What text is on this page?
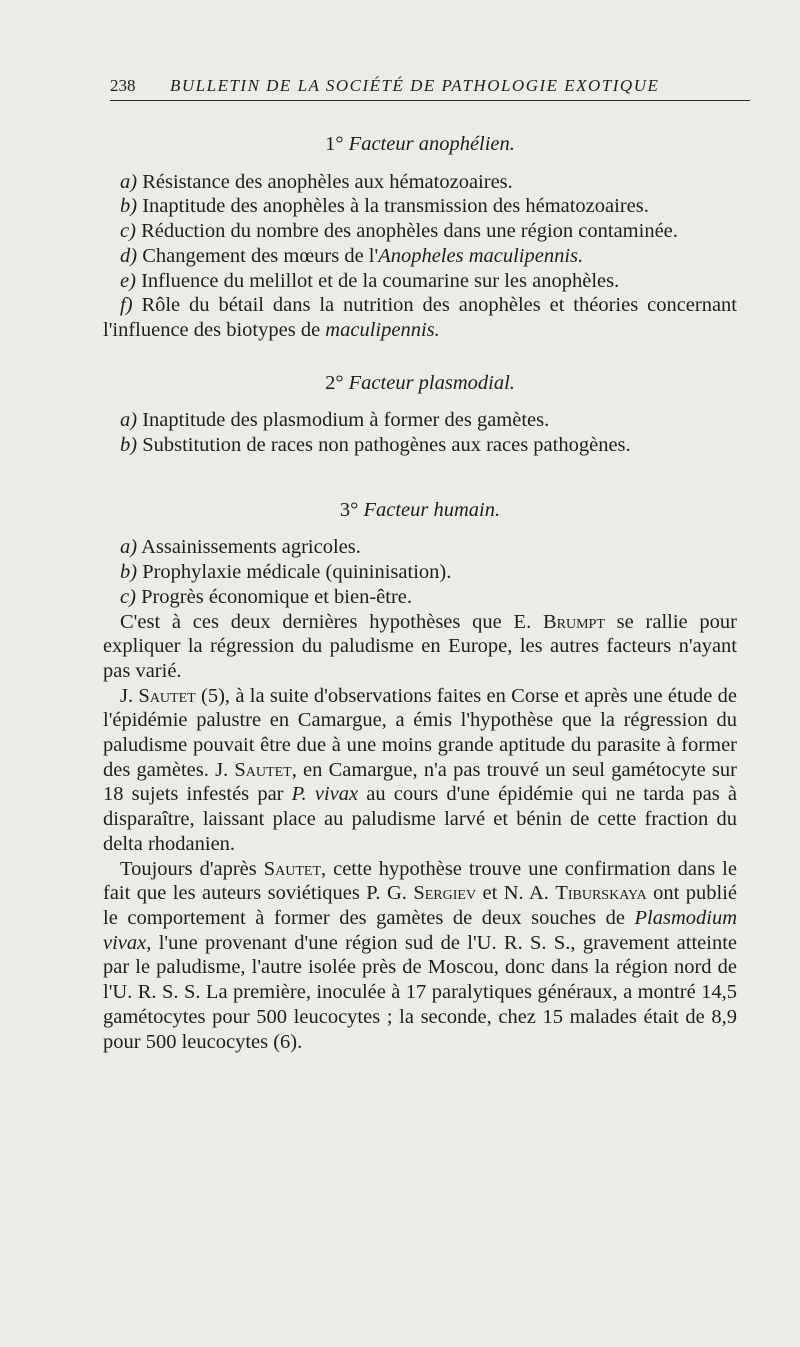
238 BULLETIN DE LA SOCIÉTÉ DE PATHOLOGIE EXOTIQUE

1° Facteur anophélien.

a) Résistance des anophèles aux hématozoaires.

b) Inaptitude des anophèles à la transmission des hématozoaires.

c) Réduction du nombre des anophèles dans une région contaminée.

d) Changement des mœurs de l'Anopheles maculipennis.

e) Influence du melillot et de la coumarine sur les anophèles.

f) Rôle du bétail dans la nutrition des anophèles et théories concernant l'influence des biotypes de maculipennis.

2° Facteur plasmodial.

a) Inaptitude des plasmodium à former des gamètes.

b) Substitution de races non pathogènes aux races pathogènes.

3° Facteur humain.

a) Assainissements agricoles.

b) Prophylaxie médicale (quininisation).

c) Progrès économique et bien-être.

C'est à ces deux dernières hypothèses que E. Brumpt se rallie pour expliquer la régression du paludisme en Europe, les autres facteurs n'ayant pas varié.

J. Sautet (5), à la suite d'observations faites en Corse et après une étude de l'épidémie palustre en Camargue, a émis l'hypothèse que la régression du paludisme pouvait être due à une moins grande aptitude du parasite à former des gamètes. J. Sautet, en Camargue, n'a pas trouvé un seul gamétocyte sur 18 sujets infestés par P. vivax au cours d'une épidémie qui ne tarda pas à disparaître, laissant place au paludisme larvé et bénin de cette fraction du delta rhodanien.

Toujours d'après Sautet, cette hypothèse trouve une confirmation dans le fait que les auteurs soviétiques P. G. Sergiev et N. A. Tiburskaya ont publié le comportement à former des gamètes de deux souches de Plasmodium vivax, l'une provenant d'une région sud de l'U. R. S. S., gravement atteinte par le paludisme, l'autre isolée près de Moscou, donc dans la région nord de l'U. R. S. S. La première, inoculée à 17 paralytiques généraux, a montré 14,5 gamétocytes pour 500 leucocytes ; la seconde, chez 15 malades était de 8,9 pour 500 leucocytes (6).
